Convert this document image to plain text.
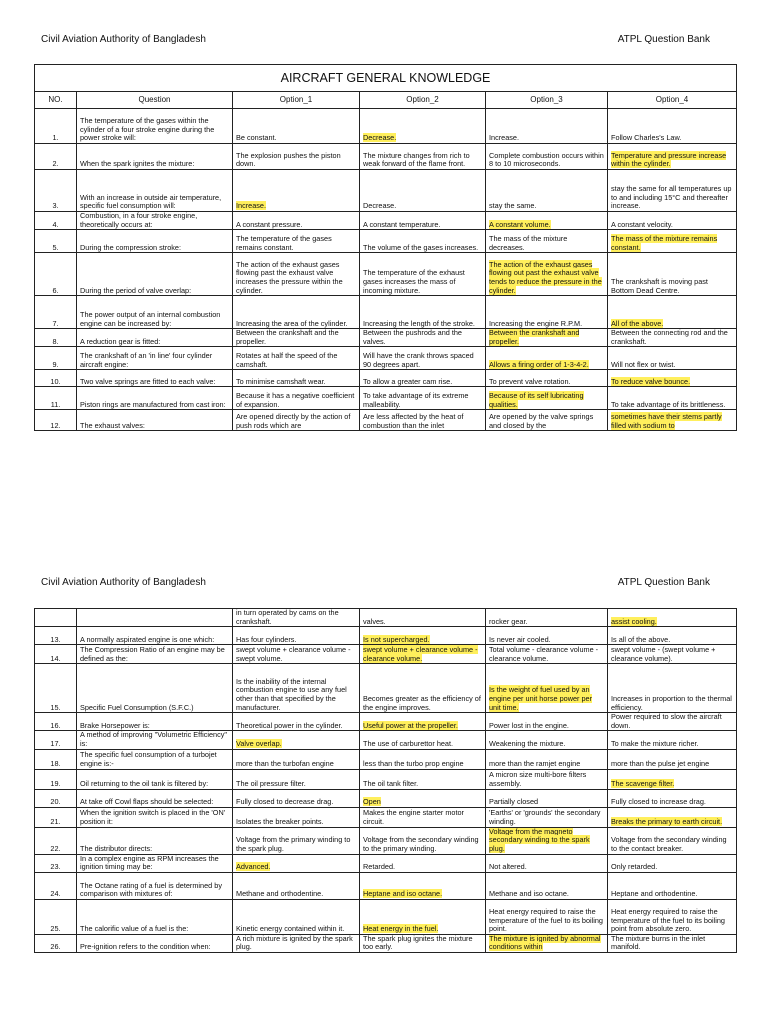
Civil Aviation Authority of Bangladesh	ATPL Question Bank
AIRCRAFT GENERAL KNOWLEDGE					
NO.	Question	Option_1	Option_2	Option_3	Option_4
1.	The temperature of the gases within the cylinder of a four stroke engine during the power stroke will:	Be constant.	Decrease.	Increase.	Follow Charles's Law.
2.	When the spark ignites the mixture:	The explosion pushes the piston down.	The mixture changes from rich to weak forward of the flame front.	Complete combustion occurs within 8 to 10 microseconds.	Temperature and pressure increase within the cylinder.
3.	With an increase in outside air temperature, specific fuel consumption will:	Increase.	Decrease.	stay the same.	stay the same for all temperatures up to and including 15°C and thereafter increase.
4.	Combustion, in a four stroke engine, theoretically occurs at:	A constant pressure.	A constant temperature.	A constant volume.	A constant velocity.
5.	During the compression stroke:	The temperature of the gases remains constant.	The volume of the gases increases.	The mass of the mixture decreases.	The mass of the mixture remains constant.
6.	During the period of valve overlap:	The action of the exhaust gases flowing past the exhaust valve increases the pressure within the cylinder.	The temperature of the exhaust gases increases the mass of incoming mixture.	The action of the exhaust gases flowing out past the exhaust valve tends to reduce the pressure in the cylinder.	The crankshaft is moving past Bottom Dead Centre.
7.	The power output of an internal combustion engine can be increased by:	Increasing the area of the cylinder.	Increasing the length of the stroke.	Increasing the engine R.P.M.	All of the above.
8.	A reduction gear is fitted:	Between the crankshaft and the propeller.	Between the pushrods and the valves.	Between the crankshaft and propeller.	Between the connecting rod and the crankshaft.
9.	The crankshaft of an 'in line' four cylinder aircraft engine:	Rotates at half the speed of the camshaft.	Will have the crank throws spaced 90 degrees apart.	Allows a firing order of 1-3-4-2.	Will not flex or twist.
10.	Two valve springs are fitted to each valve:	To minimise camshaft wear.	To allow a greater cam rise.	To prevent valve rotation.	To reduce valve bounce.
11.	Piston rings are manufactured from cast iron:	Because it has a negative coefficient of expansion.	To take advantage of its extreme malleability.	Because of its self lubricating qualities.	To take advantage of its brittleness.
12.	The exhaust valves:	Are opened directly by the action of push rods which are	Are less affected by the heat of combustion than the inlet	Are opened by the valve springs and closed by the	sometimes have their stems partly filled with sodium to
Civil Aviation Authority of Bangladesh	ATPL Question Bank
		in turn operated by cams on the crankshaft.	valves.	rocker gear.	assist cooling.
13.	A normally aspirated engine is one which:	Has four cylinders.	Is not supercharged.	Is never air cooled.	Is all of the above.
14.	The Compression Ratio of an engine may be defined as the:	swept volume + clearance volume - swept volume.	swept volume + clearance volume - clearance volume.	Total volume - clearance volume - clearance volume.	swept volume - (swept volume + clearance volume).
15.	Specific Fuel Consumption (S.F.C.)	Is the inability of the internal combustion engine to use any fuel other than that specified by the manufacturer.	Becomes greater as the efficiency of the engine improves.	Is the weight of fuel used by an engine per unit horse power per unit time.	Increases in proportion to the thermal efficiency.
16.	Brake Horsepower is:	Theoretical power in the cylinder.	Useful power at the propeller.	Power lost in the engine.	Power required to slow the aircraft down.
17.	A method of improving "Volumetric Efficiency" is:	Valve overlap.	The use of carburettor heat.	Weakening the mixture.	To make the mixture richer.
18.	The specific fuel consumption of a turbojet engine is:-	more than the turbofan engine	less than the turbo prop engine	more than the ramjet engine	more than the pulse jet engine
19.	Oil returning to the oil tank is filtered by:	The oil pressure filter.	The oil tank filter.	A micron size multi-bore filters assembly.	The scavenge filter.
20.	At take off Cowl flaps should be selected:	Fully closed to decrease drag.	Open	Partially closed	Fully closed to increase drag.
21.	When the ignition switch is placed in the 'ON' position it:	Isolates the breaker points.	Makes the engine starter motor circuit.	'Earths' or 'grounds' the secondary winding.	Breaks the primary to earth circuit.
22.	The distributor directs:	Voltage from the primary winding to the spark plug.	Voltage from the secondary winding to the primary winding.	Voltage from the magneto secondary winding to the spark plug.	Voltage from the secondary winding to the contact breaker.
23.	In a complex engine as RPM increases the ignition timing may be:	Advanced.	Retarded.	Not altered.	Only retarded.
24.	The Octane rating of a fuel is determined by comparison with mixtures of:	Methane and orthodentine.	Heptane and iso octane.	Methane and iso octane.	Heptane and orthodentine.
25.	The calorific value of a fuel is the:	Kinetic energy contained within it.	Heat energy in the fuel.	Heat energy required to raise the temperature of the fuel to its boiling point.	Heat energy required to raise the temperature of the fuel to its boiling point from absolute zero.
26.	Pre-ignition refers to the condition when:	A rich mixture is ignited by the spark plug.	The spark plug ignites the mixture too early.	The mixture is ignited by abnormal conditions within	The mixture burns in the inlet manifold.
